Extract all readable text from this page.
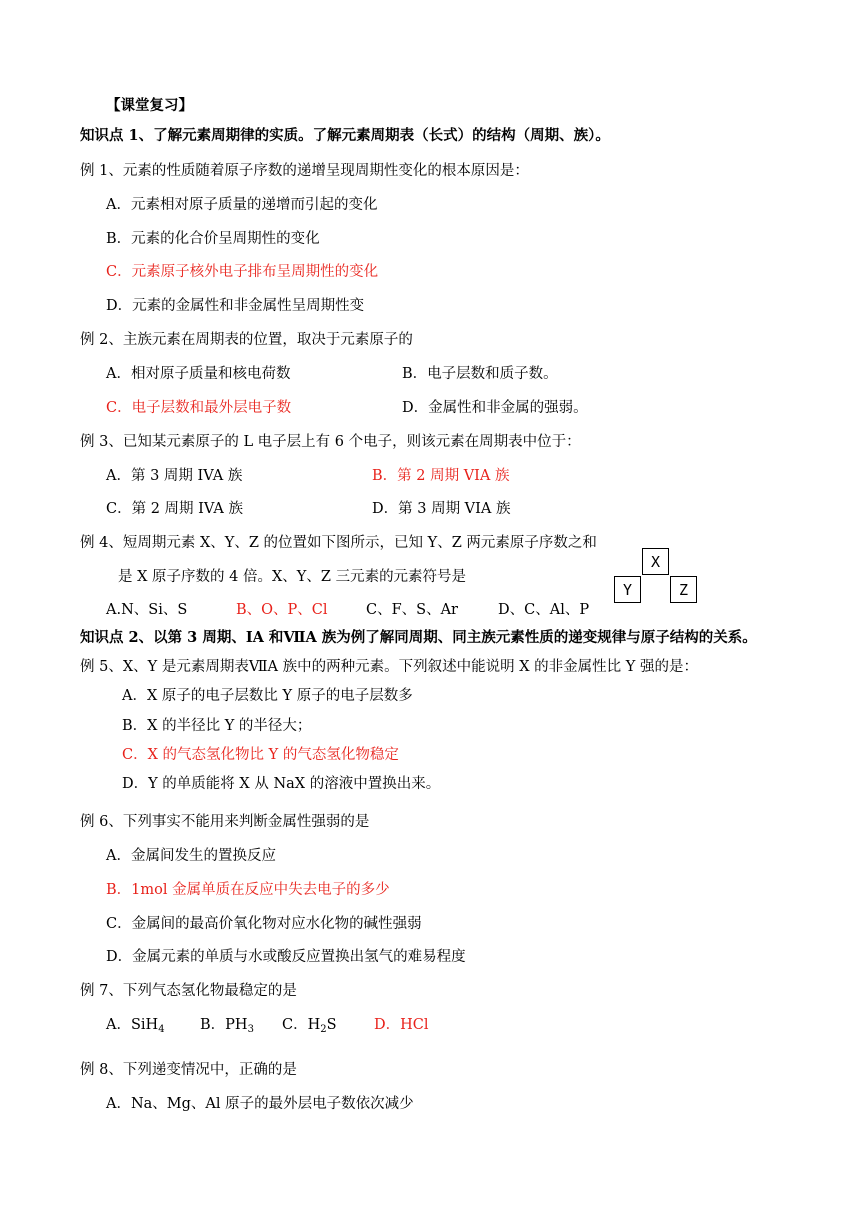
【课堂复习】
知识点 1、了解元素周期律的实质。了解元素周期表（长式）的结构（周期、族）。
例 1、元素的性质随着原子序数的递增呈现周期性变化的根本原因是：
A．元素相对原子质量的递增而引起的变化
B．元素的化合价呈周期性的变化
C．元素原子核外电子排布呈周期性的变化
D．元素的金属性和非金属性呈周期性变
例 2、主族元素在周期表的位置，取决于元素原子的
A．相对原子质量和核电荷数	B．电子层数和质子数。
C．电子层数和最外层电子数	D．金属性和非金属的强弱。
例 3、已知某元素原子的 L 电子层上有 6 个电子，则该元素在周期表中位于：
A．第 3 周期 IVA 族	B．第 2 周期 VIA 族
C．第 2 周期 IVA 族	D．第 3 周期 VIA 族
例 4、短周期元素 X、Y、Z 的位置如下图所示，已知 Y、Z 两元素原子序数之和
是 X 原子序数的 4 倍。X、Y、Z 三元素的元素符号是
A.N、Si、S	B、O、P、Cl	C、F、S、Ar	D、C、Al、P
X
Y	Z
知识点 2、以第 3 周期、IA 和ⅦA 族为例了解同周期、同主族元素性质的递变规律与原子结构的关系。
例 5、X、Y 是元素周期表ⅦA 族中的两种元素。下列叙述中能说明 X 的非金属性比 Y 强的是：
A．X 原子的电子层数比 Y 原子的电子层数多
B．X 的半径比 Y 的半径大；
C．X 的气态氢化物比 Y 的气态氢化物稳定
D．Y 的单质能将 X 从 NaX 的溶液中置换出来。
例 6、下列事实不能用来判断金属性强弱的是
A．金属间发生的置换反应
B．1mol 金属单质在反应中失去电子的多少
C．金属间的最高价氧化物对应水化物的碱性强弱
D．金属元素的单质与水或酸反应置换出氢气的难易程度
例 7、下列气态氢化物最稳定的是
A．SiH$_4$ B．$PH_3$ C．$H_2S$	D．HCl
例 8、下列递变情况中，正确的是
A．Na、Mg、Al 原子的最外层电子数依次减少
